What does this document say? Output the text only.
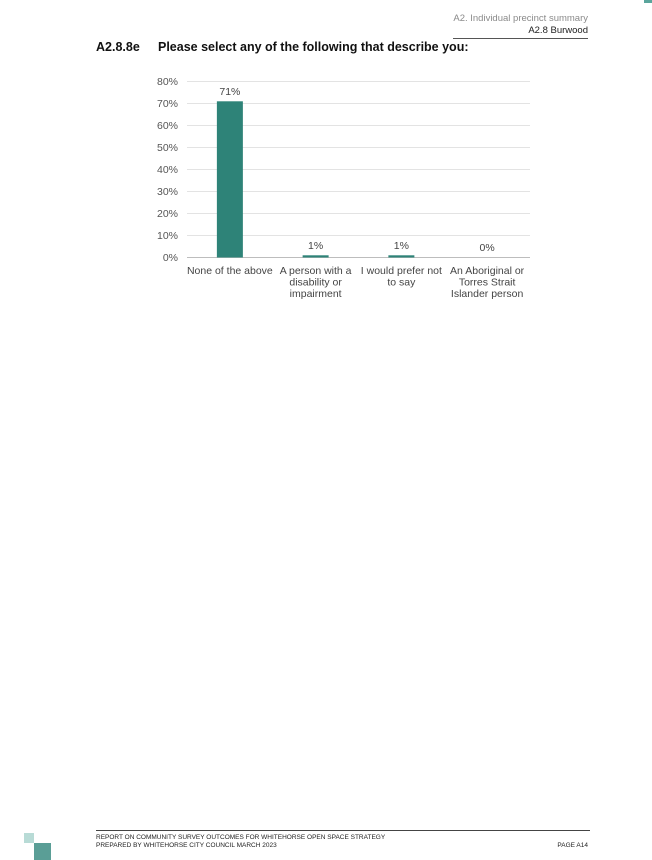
A2. Individual precinct summary
A2.8 Burwood
A2.8.8e Please select any of the following that describe you:
0%
10%
20%
30%
40%
50%
60%
70%
80%
71%
None of the above
1%
A person with a
disability or
impairment
1%
I would prefer not
to say
0%
An Aboriginal or
Torres Strait
Islander person
REPORT ON COMMUNITY SURVEY OUTCOMES FOR WHITEHORSE OPEN SPACE STRATEGY
PREPARED BY WHITEHORSE CITY COUNCIL MARCH 2023	PAGE A14
